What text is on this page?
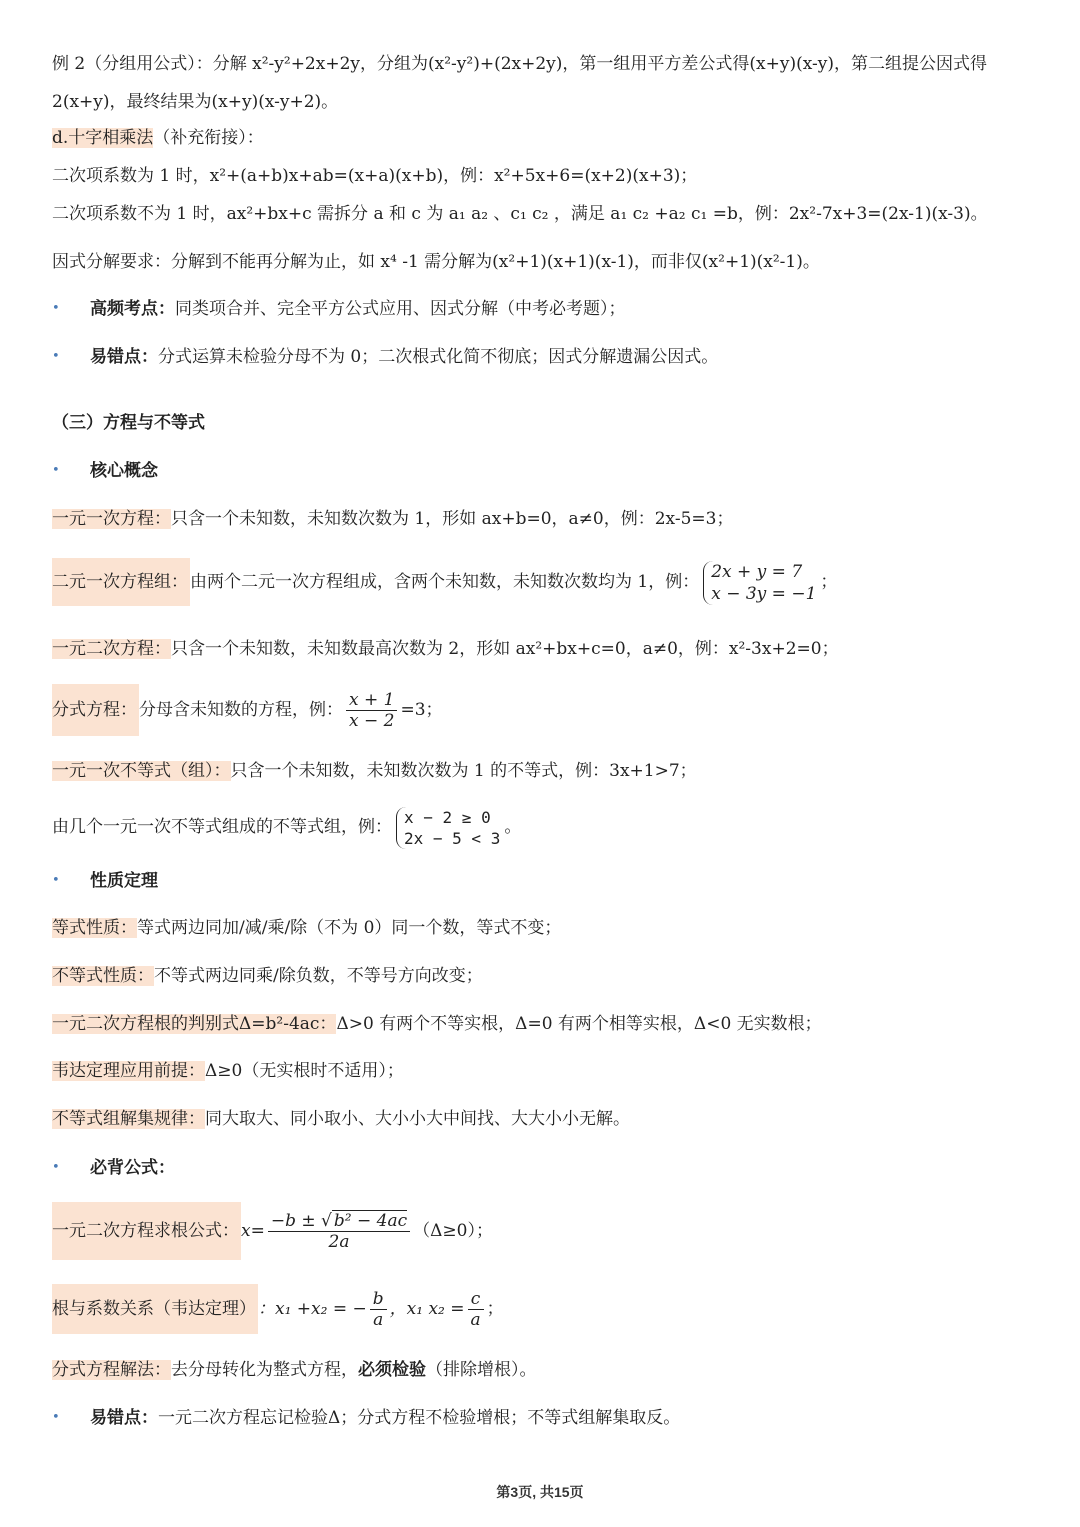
例 2（分组用公式）：分解 x²-y²+2x+2y，分组为(x²-y²)+(2x+2y)，第一组用平方差公式得(x+y)(x-y)，第二组提公因式得
2(x+y)，最终结果为(x+y)(x-y+2)。
d.十字相乘法（补充衔接）：
二次项系数为 1 时，x²+(a+b)x+ab=(x+a)(x+b)，例：x²+5x+6=(x+2)(x+3)；
二次项系数不为 1 时，ax²+bx+c 需拆分 a 和 c 为 a₁ a₂ 、c₁ c₂ ，满足 a₁ c₂ +a₂ c₁ =b，例：2x²-7x+3=(2x-1)(x-3)。
因式分解要求：分解到不能再分解为止，如 x⁴ -1 需分解为(x²+1)(x+1)(x-1)，而非仅(x²+1)(x²-1)。
• 高频考点：同类项合并、完全平方公式应用、因式分解（中考必考题）；
• 易错点：分式运算未检验分母不为 0；二次根式化简不彻底；因式分解遗漏公因式。
（三）方程与不等式
• 核心概念
一元一次方程：只含一个未知数，未知数次数为 1，形如 ax+b=0，a≠0，例：2x-5=3；
二元一次方程组： 由两个二元一次方程组成，含两个未知数，未知数次数均为 1，例：
2x + y = 7
x − 3y = −1
；
一元二次方程：只含一个未知数，未知数最高次数为 2，形如 ax²+bx+c=0，a≠0，例：x²-3x+2=0；
分式方程： 分母含未知数的方程，例： $\frac{x + 1}{x - 2} =3$；
一元一次不等式（组）：只含一个未知数，未知数次数为 1 的不等式，例：3x+1>7；
由几个一元一次不等式组成的不等式组，例： x − 2 ≥ 0
2x − 5 < 3
。
• 性质定理
等式性质：等式两边同加/减/乘/除（不为 0）同一个数，等式不变；
不等式性质：不等式两边同乘/除负数，不等号方向改变；
一元二次方程根的判别式Δ=b²-4ac：Δ>0 有两个不等实根，Δ=0 有两个相等实根，Δ<0 无实数根；
韦达定理应用前提：Δ≥0（无实根时不适用）；
不等式组解集规律：同大取大、同小取小、大小小大中间找、大大小小无解。
• 必背公式：
一元二次方程求根公式： $x= \frac{\text{−b ± √ b² − 4ac}}{2a} (\Delta\ge 0)$；
根与系数关系（韦达定理） ：x₁ +x₂ = − $\frac{b}{a}$ ，x₁ $x_2 = \frac{c}{a}$ ；
分式方程解法：去分母转化为整式方程，必须检验（排除增根）。
• 易错点：一元二次方程忘记检验Δ；分式方程不检验增根；不等式组解集取反。
第3页, 共15页
